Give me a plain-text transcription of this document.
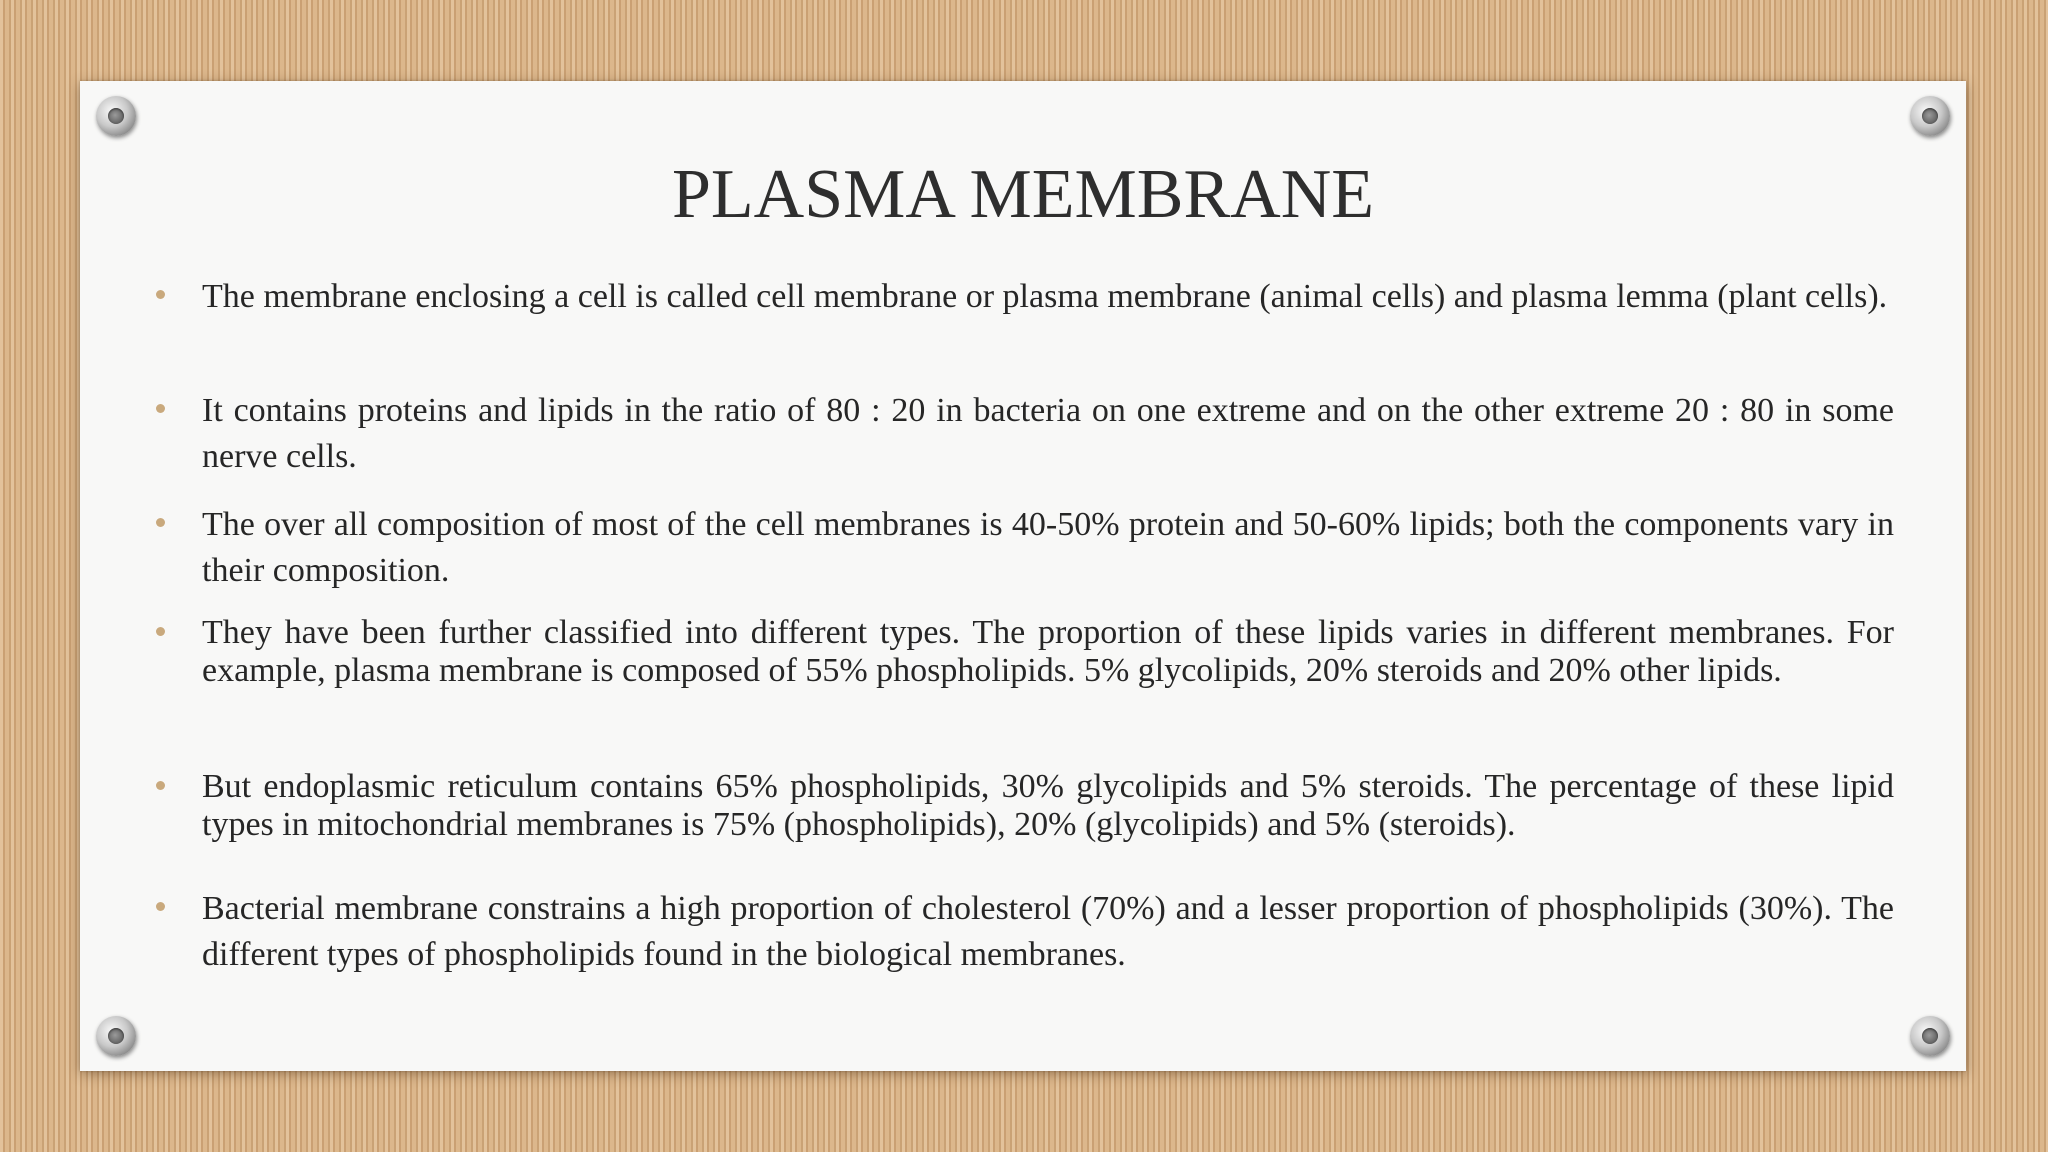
PLASMA MEMBRANE
The membrane enclosing a cell is called cell membrane or plasma membrane (animal cells) and plasma lemma (plant cells).
It contains proteins and lipids in the ratio of 80 : 20 in bacteria on one extreme and on the other extreme 20 : 80 in some nerve cells.
The over all composition of most of the cell membranes is 40-50% protein and 50-60% lipids; both the components vary in their composition.
They have been further classified into different types. The proportion of these lipids varies in different membranes. For example, plasma membrane is composed of 55% phospholipids. 5% glycolipids, 20% steroids and 20% other lipids.
But endoplasmic reticulum contains 65% phospholipids, 30% glycolipids and 5% steroids. The percentage of these lipid types in mitochondrial membranes is 75% (phospholipids), 20% (glycolipids) and 5% (steroids).
Bacterial membrane constrains a high proportion of cholesterol (70%) and a lesser proportion of phospholipids (30%). The different types of phospholipids found in the biological membranes.
